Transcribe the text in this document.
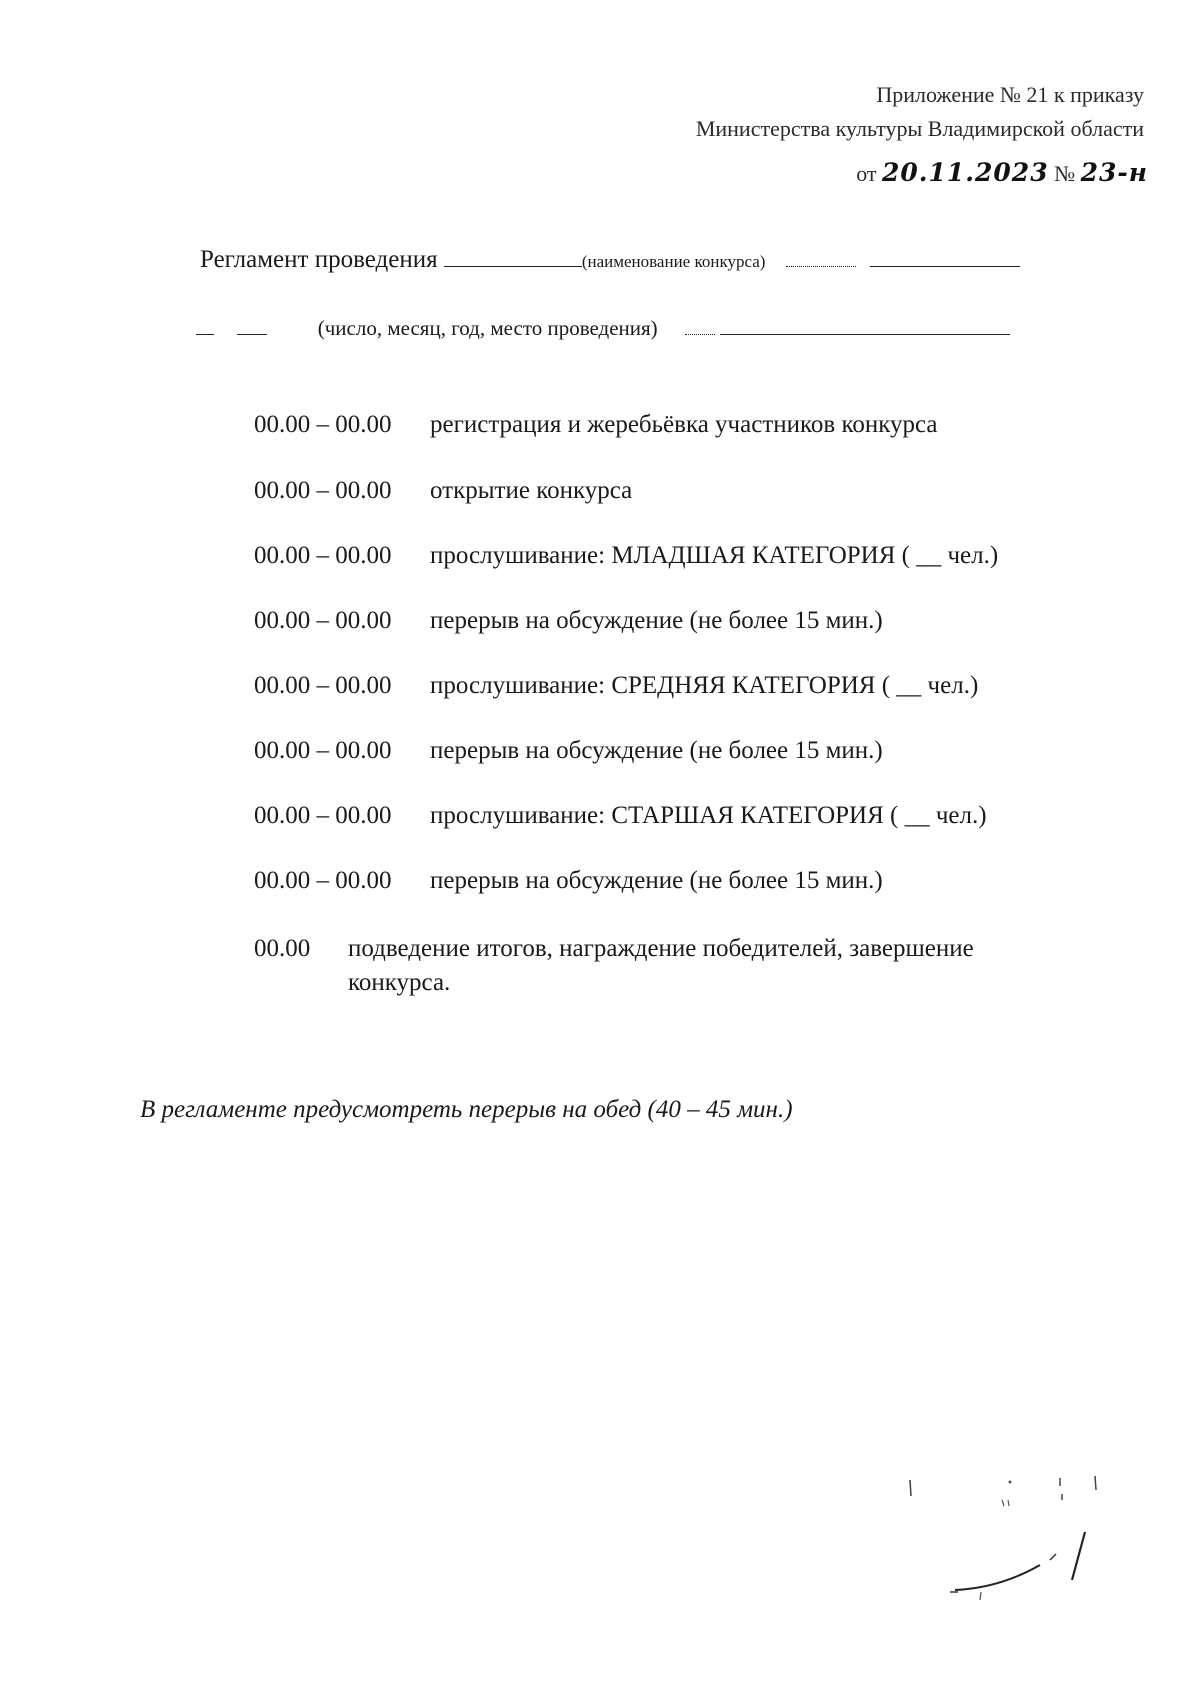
Приложение № 21 к приказу
Министерства культуры Владимирской области
от 20.11.2023 № 23-н
Регламент проведения	(наименование конкурса)
(число, месяц, год, место проведения)
00.00 – 00.00	регистрация и жеребьёвка участников конкурса
00.00 – 00.00	открытие конкурса
00.00 – 00.00	прослушивание: МЛАДШАЯ КАТЕГОРИЯ ( __ чел.)
00.00 – 00.00	перерыв на обсуждение (не более 15 мин.)
00.00 – 00.00	прослушивание: СРЕДНЯЯ КАТЕГОРИЯ ( __ чел.)
00.00 – 00.00	перерыв на обсуждение (не более 15 мин.)
00.00 – 00.00	прослушивание: СТАРШАЯ КАТЕГОРИЯ ( __ чел.)
00.00 – 00.00	перерыв на обсуждение (не более 15 мин.)
00.00	подведение итогов, награждение победителей, завершение конкурса.
В регламенте предусмотреть перерыв на обед (40 – 45 мин.)
